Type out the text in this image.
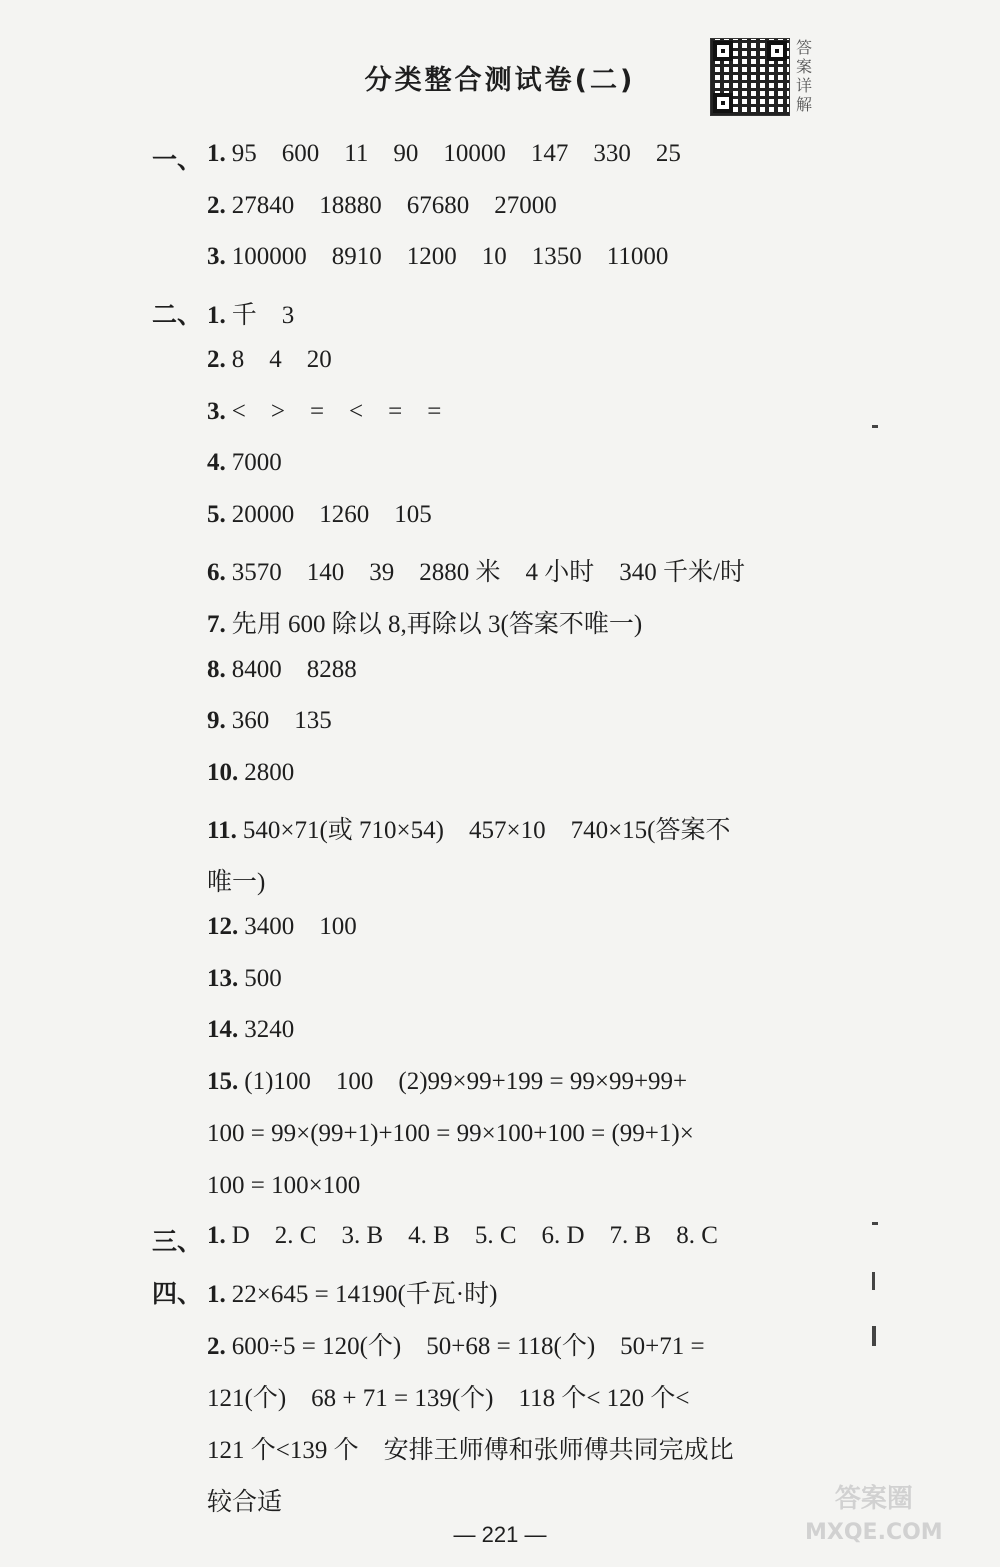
分类整合测试卷(二)
答案详解
一、
二、
三、
四、
1. 95    600    11    90    10000    147    330    25
2. 27840    18880    67680    27000
3. 100000    8910    1200    10    1350    11000
1. 千    3
2. 8    4    20
3. <    >    =    <    =    =
4. 7000
5. 20000    1260    105
6. 3570    140    39    2880 米    4 小时    340 千米/时
7. 先用 600 除以 8,再除以 3(答案不唯一)
8. 8400    8288
9. 360    135
10. 2800
11. 540×71(或 710×54)    457×10    740×15(答案不
唯一)
12. 3400    100
13. 500
14. 3240
15. (1)100    100    (2)99×99+199 = 99×99+99+
100 = 99×(99+1)+100 = 99×100+100 = (99+1)×
100 = 100×100
1. D    2. C    3. B    4. B    5. C    6. D    7. B    8. C
1. 22×645 = 14190(千瓦·时)
2. 600÷5 = 120(个)    50+68 = 118(个)    50+71 =
121(个)    68 + 71 = 139(个)    118 个< 120 个<
121 个<139 个    安排王师傅和张师傅共同完成比
较合适
— 221 —
答案圈
MXQE.COM
